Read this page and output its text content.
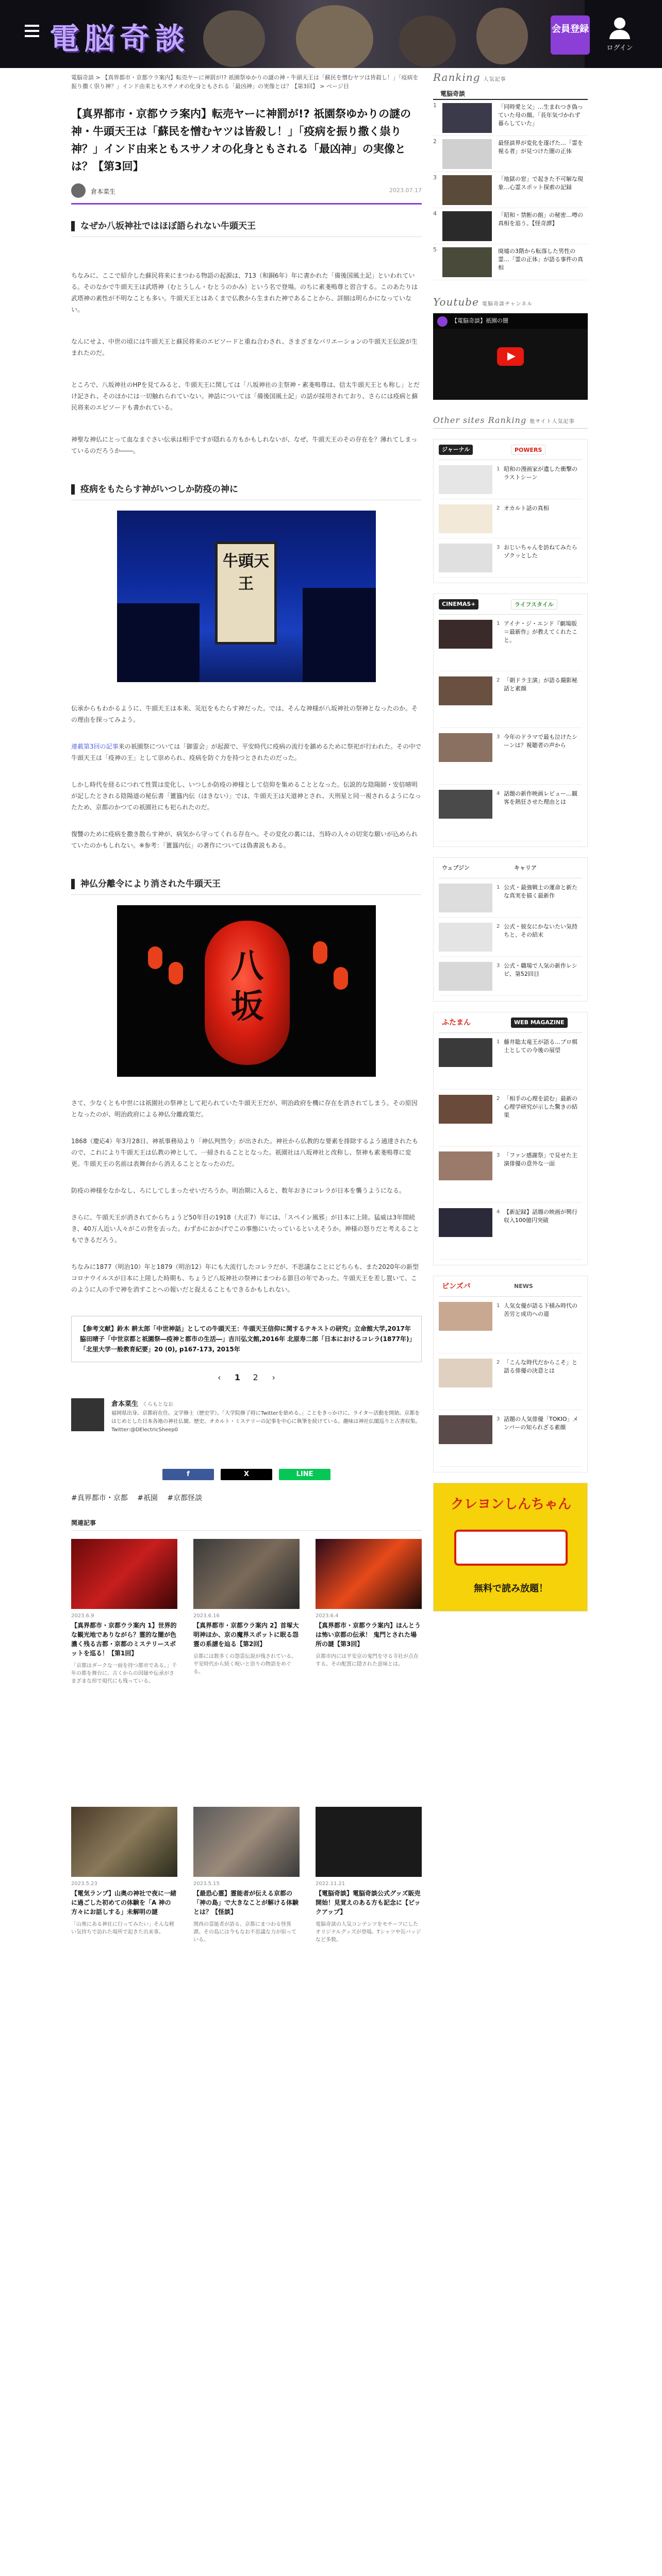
電脳奇談	会員登録
ログイン
電脳奇談 > 【真界都市・京都ウラ案内】転売ヤーに神罰が!? 祇園祭ゆかりの謎の神・牛頭天王は「蘇民を憎むヤツは皆殺し！」「疫病を振り撒く祟り神？」インド由来ともスサノオの化身ともされる「最凶神」の実像とは？【第3回】 > ページ目
【真界都市・京都ウラ案内】転売ヤーに神罰が!? 祇園祭ゆかりの謎の神・牛頭天王は「蘇民を憎むヤツは皆殺し！」「疫病を振り撒く祟り神？」インド由来ともスサノオの化身ともされる「最凶神」の実像とは？【第3回】
倉本菜生	2023.07.17
なぜか八坂神社ではほぼ語られない牛頭天王

ちなみに、ここで紹介した蘇民将来にまつわる物語の起源は、713（和銅6年）年に書かれた「備後国風土記」といわれている。そのなかで牛頭天王は武塔神（むとうしん・むとうのかみ）という名で登場。のちに素戔嗚尊と習合する。このあたりは武塔神の素性が不明なことも多い。牛頭天王とはあくまで仏教から生まれた神であることから、詳細は明らかになっていない。

なんにせよ、中世の頃には牛頭天王と蘇民将来のエピソードと重ね合わされ、さまざまなバリエーションの牛頭天王伝説が生まれたのだ。

ところで、八坂神社のHPを見てみると、牛頭天王に関しては「八坂神社の主祭神・素戔嗚尊は、信太牛頭天王とも称し」とだけ記され、そのほかには一切触れられていない。神話については「備後国風土記」の話が採用されており、さらには疫病と蘇民将来のエピソードも書かれている。

神聖な神仏にとって血なまぐさい伝承は相手ですが隠れる方もかもしれないが、なぜ、牛頭天王のその存在を？薄れてしまっているのだろうか――。

疫病をもたらす神がいつしか防疫の神に
牛頭天王

伝承からもわかるように、牛頭天王は本来、災厄をもたらす神だった。では、そんな神様が八坂神社の祭神となったのか。その理由を探ってみよう。

連載第3回の記事来の祇園祭については「御霊会」が起源で、平安時代に疫病の流行を鎮めるために祭祀が行われた。その中で牛頭天王は「疫神の王」として崇められ、疫病を防ぐ力を持つとされたのだった。

しかし時代を経るにつれて性質は変化し、いつしか防疫の神様として信仰を集めることとなった。伝説的な陰陽師・安倍晴明が記したとされる陰陽道の秘伝書「簠簋内伝（ほきない）」では、牛頭天王は天道神とされ、天刑星と同一視されるようになったため、京都のかつての祇園社にも祀られたのだ。

復讐のために疫病を撒き散らす神が、病気から守ってくれる存在へ。その変化の裏には、当時の人々の切実な願いが込められていたのかもしれない。※参考：「簠簋内伝」の著作については偽書説もある。

神仏分離令により消された牛頭天王
八坂

さて、少なくとも中世には祇園社の祭神として祀られていた牛頭天王だが、明治政府を機に存在を消されてしまう。その原因となったのが、明治政府による神仏分離政策だ。

1868（慶応4）年3月28日、神祇事務局より「神仏判然令」が出された。神社から仏教的な要素を排除するよう通達されたもので、これにより牛頭天王は仏教の神として、一掃されることとなった。祇園社は八坂神社と改称し、祭神も素戔嗚尊に変更。牛頭天王の名前は表舞台から消えることとなったのだ。

防疫の神様をなかなし、ろにしてしまったせいだろうか。明治期に入ると、数年おきにコレラが日本を襲うようになる。

さらに、牛頭天王が消されてからちょうど50年目の1918（大正7）年には、「スペイン風邪」が日本に上陸。猛威は3年間続き、40万人近い人々がこの世を去った。わずかにおかげでこの事態にいたっているといえそうか。神様の怒りだと考えることもできるだろう。

ちなみに1877（明治10）年と1879（明治12）年にも大流行したコレラだが、不思議なことにどちらも、また2020年の新型コロナウイルスが日本に上陸した時期も、ちょうど八坂神社の祭神にまつわる節目の年であった。牛頭天王を差し置いて、このように人の手で神を消すことへの報いだと捉えることもできるかもしれない。

【参考文献】鈴木 耕太郎「中世神話」としての牛頭天王：牛頭天王信仰に関するテキストの研究」立命館大学,2017年 脇田晴子「中世京都と祇園祭―疫神と都市の生活―」吉川弘文館,2016年 北原寿二郎「日本におけるコレラ(1877年)」「北里大学一般教育紀要」20 (0), p167-173, 2015年
‹ 1 2 ›
倉本菜生 くらもとなお
福岡県出身。京都府在住。文学修士（歴史学）。「大学院修了時にTwitterを始める。」ことをきっかけに、ライター活動を開始。京都をはじめとした日本各地の神社仏閣、歴史、オカルト・ミステリーの記事を中心に執筆を続けている。趣味は神社仏閣巡りと古書収集。Twitter:@DElectricSheep0
f	X	LINE
#真界都市・京都 #祇園 #京都怪談
関連記事
2023.6.9
【真界都市・京都ウラ案内 1】世界的な観光地でありながら？霊的な闇が色濃く残る古都・京都のミステリースポットを巡る！【第1回】
「京都はダークな一面を持つ都市である。」千年の都を舞台に、古くからの因縁や伝承がさまざまな形で現代にも残っている。
2023.6.16
【真界都市・京都ウラ案内 2】首塚大明神ほか、京の魔界スポットに眠る怨霊の系譜を辿る【第2回】
京都には数多くの怨霊伝説が残されている。平安時代から続く呪いと祟りの物語をめぐる。
2023.6.4
【真界都市・京都ウラ案内】ほんとうは怖い京都の伝承！ 鬼門とされた場所の謎【第3回】
京都市内には平安京の鬼門を守る寺社が点在する。その配置に隠された意味とは。
2023.5.23
【電気ランプ】山奥の神社で夜に一緒に過ごした初めての体験を「A 神の方々にお話しする」未解明の謎
「山奥にある神社に行ってみたい」そんな軽い気持ちで訪れた場所で起きた出来事。
2023.5.15
【最恐心霊】霊能者が伝える京都の「神の島」で大きなことが解ける体験とは？【怪談】
関西の霊能者が語る、京都にまつわる怪異譚。その島には今もなお不思議な力が宿っている。
2022.11.21
【電脳奇談】電脳奇談公式グッズ販売開始！見覚えのある方も記念に【ピックアップ】
電脳奇談の人気コンテンツをモチーフにしたオリジナルグッズが登場。Tシャツや缶バッジなど多数。
Ranking 人気記事
電脳奇談
1	「同時愛と父」…生まれつき偽っていた母の顔。「長年気づかれず暮らしていた」
2	最怪談界が変化を遂げた…「霊を視る者」が見つけた闇の正体
3	「地獄の窓」で起きた不可解な現象…心霊スポット探索の記録
4	「昭和・禁断の館」の秘密…噂の真相を追う。【怪奇譚】
5	廃墟の3階から転落した男性の霊…「霊の正体」が語る事件の真相
Youtube 電脳奇談チャンネル
【電脳奇談】祇園の闇
Other sites Ranking 他サイト人気記事
ジャーナル	POWERS
1 昭和の漫画家が遺した衝撃のラストシーン
2 オカルト話の真相
3 おじいちゃんを訪ねてみたらゾクッとした
CINEMAS+	ライフスタイル
1 アイナ・ジ・エンド『劇場版＝最新作』が教えてくれたこと。
2 「朝ドラ主演」が語る撮影秘話と素顔
3 今年のドラマで最も泣けたシーンは？視聴者の声から
4 話題の新作映画レビュー…観客を熱狂させた理由とは
ウェブジン	キャリア
1 公式・最強戦士の運命と新たな真実を描く最新作
2 公式・彼女にかないたい気持ちと、その結末
3 公式・職場で人気の新作レシピ、第52回目
ふたまん	WEB MAGAZINE
1 藤井聡太竜王が語る…プロ棋士としての今後の展望
2 「相手の心理を読む」最新の心理学研究が示した驚きの結果
3 「ファン感謝祭」で見せた主演俳優の意外な一面
4 【新記録】話題の映画が興行収入100億円突破
ピンズバ	NEWS
1 人気女優が語る下積み時代の苦労と成功への道
2 「こんな時代だからこそ」と語る俳優の決意とは
3 話題の人気俳優「TOKIO」メンバーの知られざる素顔
クレヨンしんちゃん
無料で読み放題！
